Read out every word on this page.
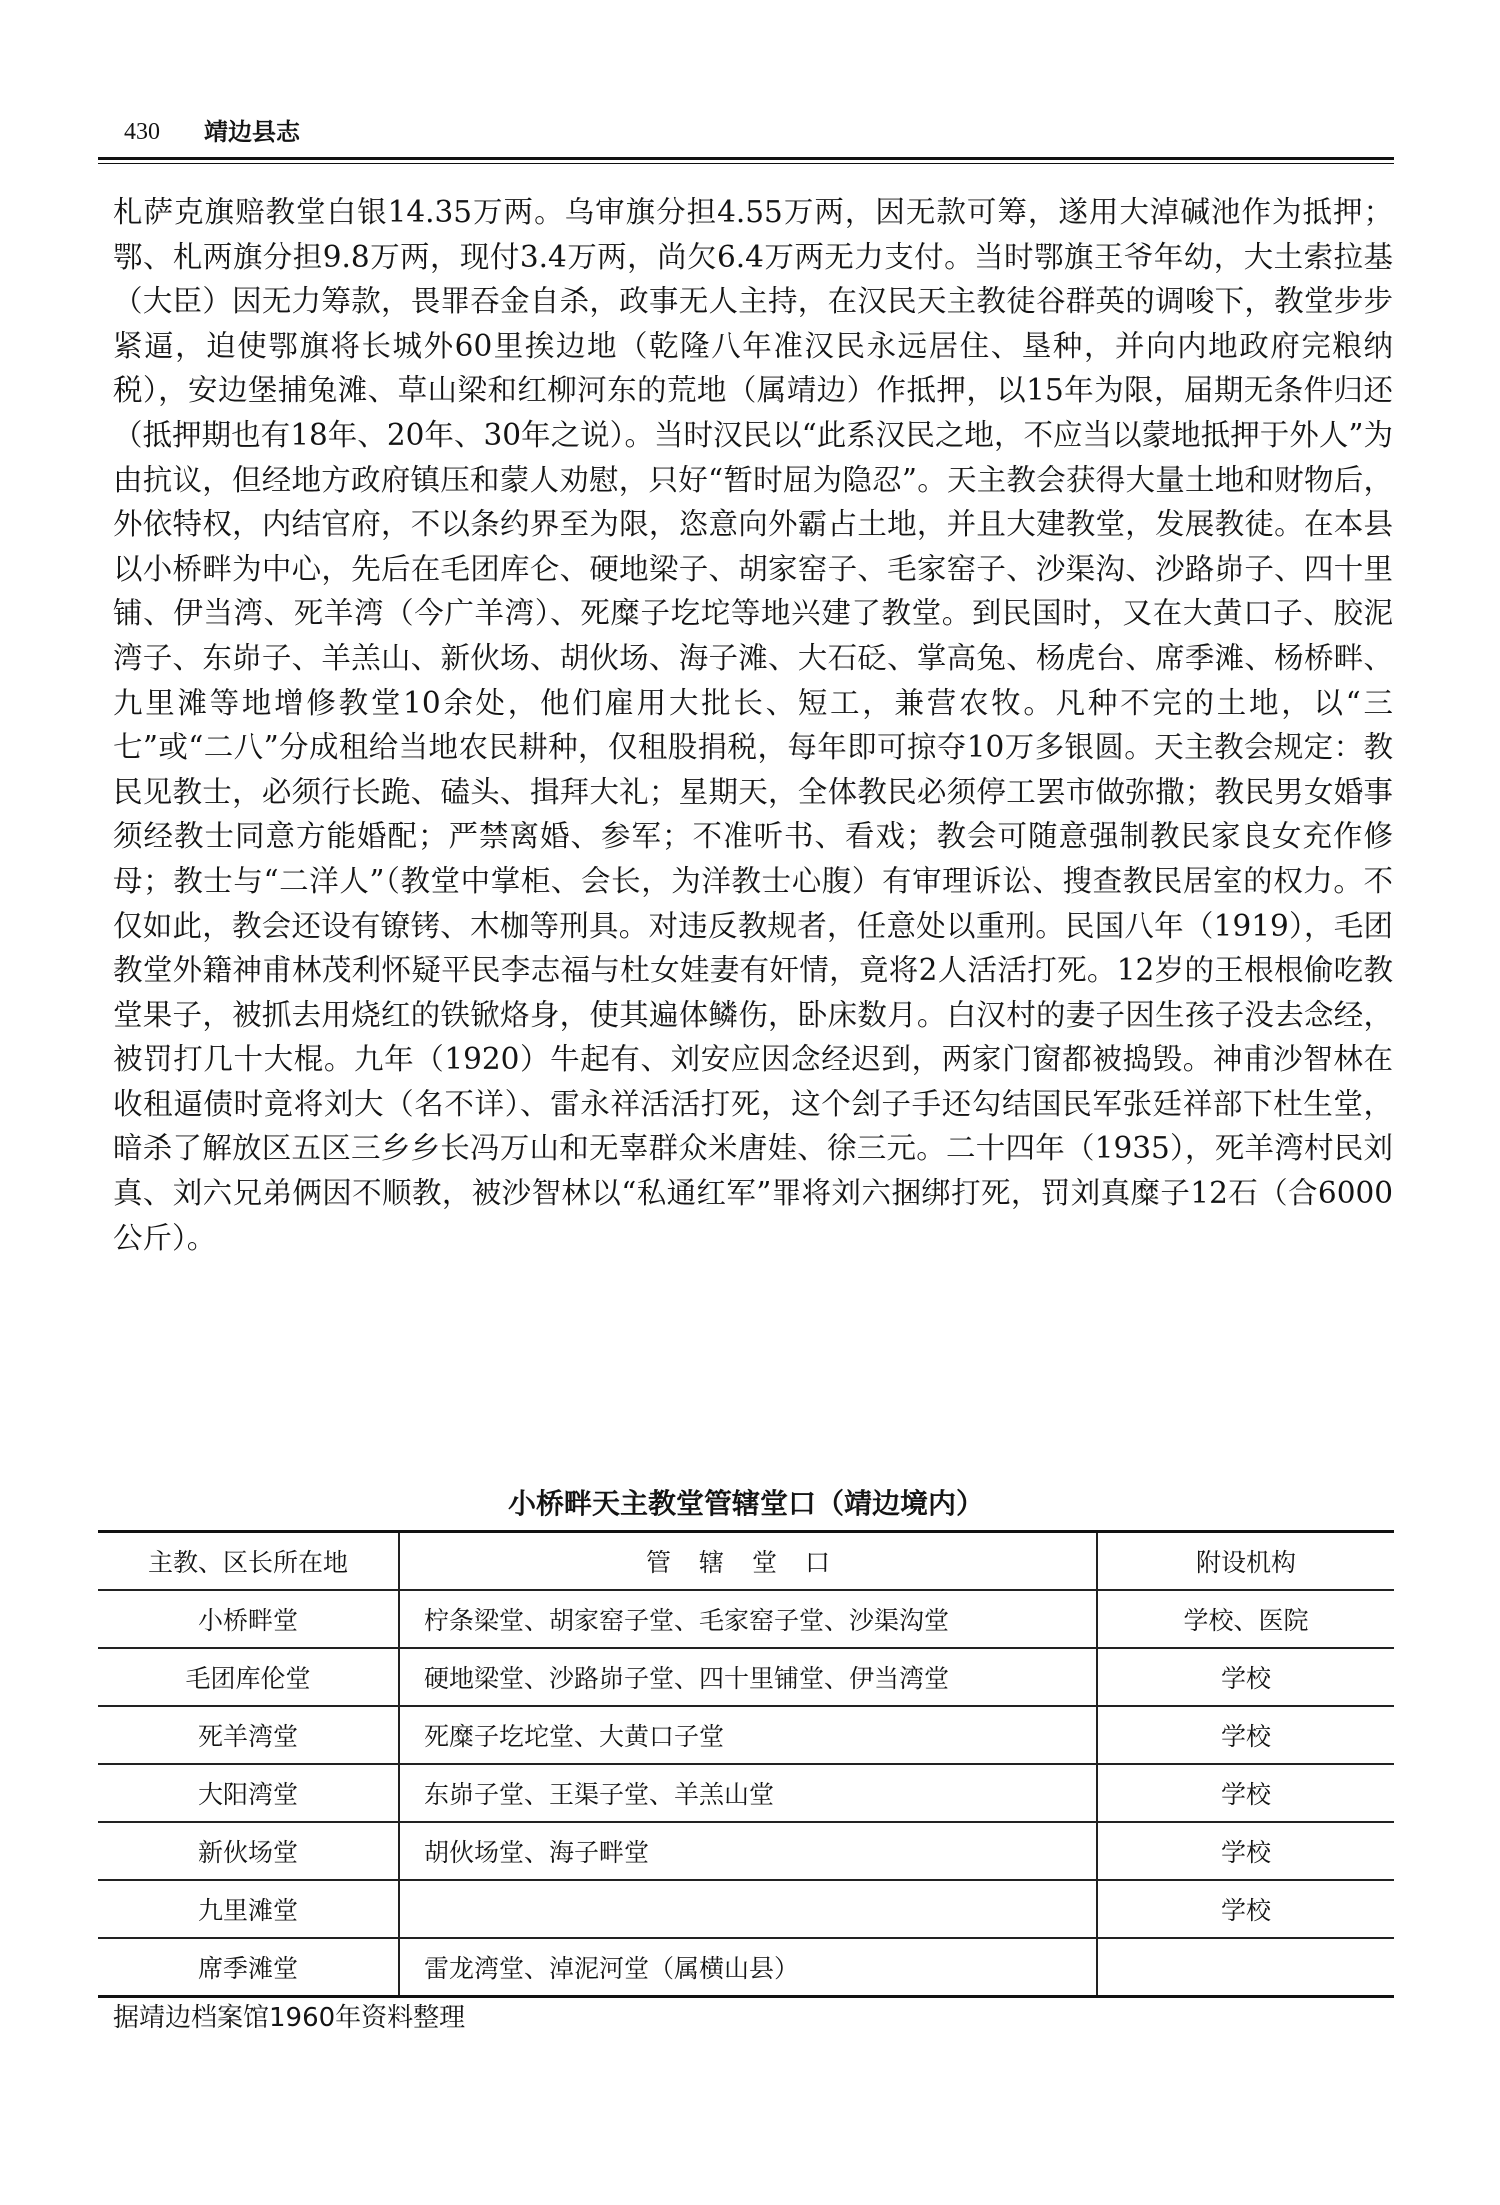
430 靖边县志
札萨克旗赔教堂白银14.35万两。乌审旗分担4.55万两，因无款可筹，遂用大淖碱池作为抵押；鄂、札两旗分担9.8万两，现付3.4万两，尚欠6.4万两无力支付。当时鄂旗王爷年幼，大土索拉基（大臣）因无力筹款，畏罪吞金自杀，政事无人主持，在汉民天主教徒谷群英的调唆下，教堂步步紧逼，迫使鄂旗将长城外60里挨边地（乾隆八年准汉民永远居住、垦种，并向内地政府完粮纳税），安边堡捕兔滩、草山梁和红柳河东的荒地（属靖边）作抵押，以15年为限，届期无条件归还（抵押期也有18年、20年、30年之说）。当时汉民以“此系汉民之地，不应当以蒙地抵押于外人”为由抗议，但经地方政府镇压和蒙人劝慰，只好“暂时屈为隐忍”。天主教会获得大量土地和财物后，外依特权，内结官府，不以条约界至为限，恣意向外霸占土地，并且大建教堂，发展教徒。在本县以小桥畔为中心，先后在毛团库仑、硬地梁子、胡家窑子、毛家窑子、沙渠沟、沙路峁子、四十里铺、伊当湾、死羊湾（今广羊湾）、死糜子圪坨等地兴建了教堂。到民国时，又在大黄口子、胶泥湾子、东峁子、羊羔山、新伙场、胡伙场、海子滩、大石砭、掌高兔、杨虎台、席季滩、杨桥畔、九里滩等地增修教堂10余处，他们雇用大批长、短工，兼营农牧。凡种不完的土地，以“三七”或“二八”分成租给当地农民耕种，仅租股捐税，每年即可掠夺10万多银圆。天主教会规定：教民见教士，必须行长跪、磕头、揖拜大礼；星期天，全体教民必须停工罢市做弥撒；教民男女婚事须经教士同意方能婚配；严禁离婚、参军；不准听书、看戏；教会可随意强制教民家良女充作修母；教士与“二洋人”（教堂中掌柜、会长，为洋教士心腹）有审理诉讼、搜查教民居室的权力。不仅如此，教会还设有镣铐、木枷等刑具。对违反教规者，任意处以重刑。民国八年（1919），毛团教堂外籍神甫林茂利怀疑平民李志福与杜女娃妻有奸情，竟将2人活活打死。12岁的王根根偷吃教堂果子，被抓去用烧红的铁锨烙身，使其遍体鳞伤，卧床数月。白汉村的妻子因生孩子没去念经，被罚打几十大棍。九年（1920）牛起有、刘安应因念经迟到，两家门窗都被捣毁。神甫沙智林在收租逼债时竟将刘大（名不详）、雷永祥活活打死，这个刽子手还勾结国民军张廷祥部下杜生堂，暗杀了解放区五区三乡乡长冯万山和无辜群众米唐娃、徐三元。二十四年（1935），死羊湾村民刘真、刘六兄弟俩因不顺教，被沙智林以“私通红军”罪将刘六捆绑打死，罚刘真糜子12石（合6000公斤）。
小桥畔天主教堂管辖堂口（靖边境内）
主教、区长所在地	管辖堂口	附设机构
小桥畔堂	柠条梁堂、胡家窑子堂、毛家窑子堂、沙渠沟堂	学校、医院
毛团库伦堂	硬地梁堂、沙路峁子堂、四十里铺堂、伊当湾堂	学校
死羊湾堂	死糜子圪坨堂、大黄口子堂	学校
大阳湾堂	东峁子堂、王渠子堂、羊羔山堂	学校
新伙场堂	胡伙场堂、海子畔堂	学校
九里滩堂		学校
席季滩堂	雷龙湾堂、淖泥河堂（属横山县）	
据靖边档案馆1960年资料整理
